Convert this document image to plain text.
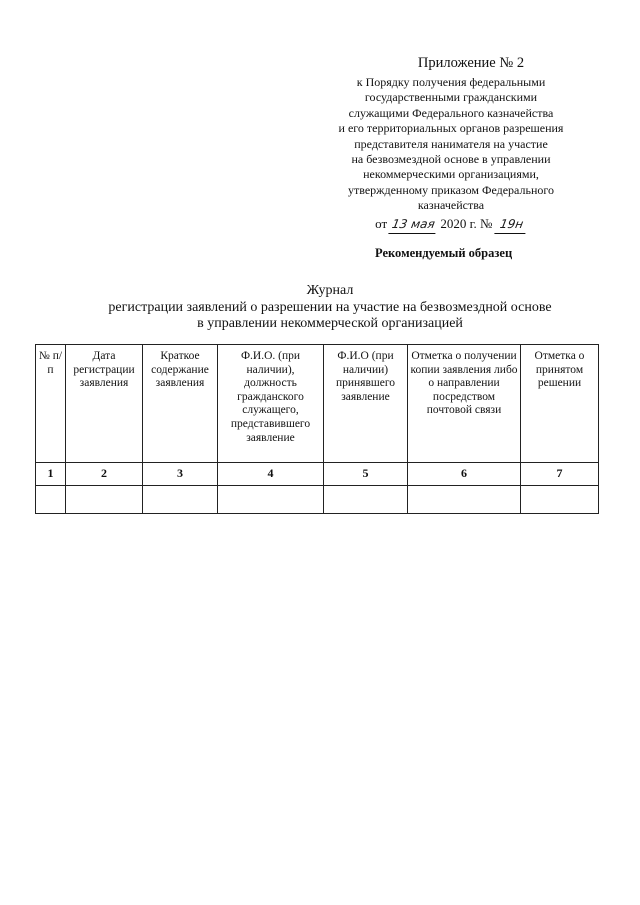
Приложение № 2
к Порядку получения федеральными
государственными гражданскими
служащими Федерального казначейства
и его территориальных органов разрешения
представителя нанимателя на участие
на безвозмездной основе в управлении
некоммерческими организациями,
утвержденному приказом Федерального
казначейства
от 13 мая 2020 г. № 19н
Рекомендуемый образец
Журнал
регистрации заявлений о разрешении на участие на безвозмездной основе
в управлении некоммерческой организацией
№ п/п	Дата регистрации заявления	Краткое содержание заявления	Ф.И.О. (при наличии), должность гражданского служащего, представившего заявление	Ф.И.О (при наличии) принявшего заявление	Отметка о получении копии заявления либо о направлении посредством почтовой связи	Отметка о принятом решении
1	2	3	4	5	6	7
